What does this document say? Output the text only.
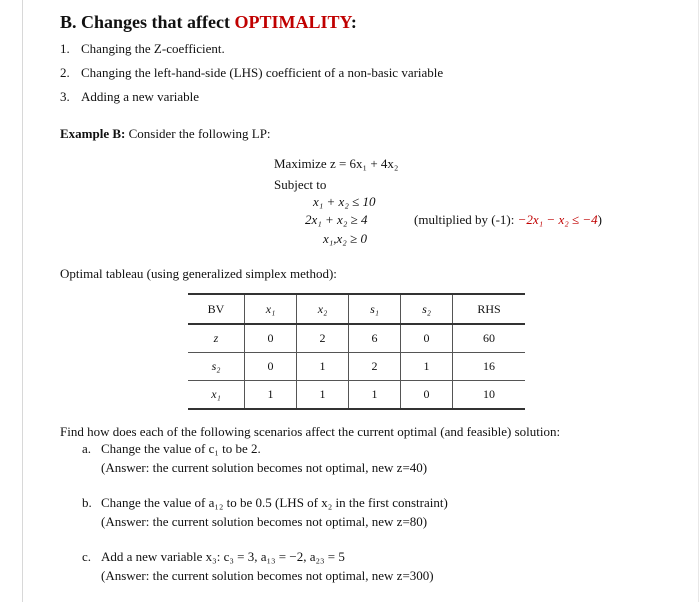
B. Changes that affect OPTIMALITY:
1. Changing the Z-coefficient.
2. Changing the left-hand-side (LHS) coefficient of a non-basic variable
3. Adding a new variable
Example B: Consider the following LP:
Maximize z = 6x₁ + 4x₂
Subject to
x₁ + x₂ ≤ 10
2x₁ + x₂ ≥ 4
x₁,x₂ ≥ 0
(multiplied by (-1): −2x₁ − x₂ ≤ −4)
Optimal tableau (using generalized simplex method):
BV	x₁	x₂	s₁	s₂	RHS
z	0	2	6	0	60
s₂	0	1	2	1	16
x₁	1	1	1	0	10
Find how does each of the following scenarios affect the current optimal (and feasible) solution:
a. Change the value of c₁ to be 2.
(Answer: the current solution becomes not optimal, new z=40)
b. Change the value of a₁₂ to be 0.5 (LHS of x₂ in the first constraint)
(Answer: the current solution becomes not optimal, new z=80)
c. Add a new variable x₃: c₃ = 3, a₁₃ = −2, a₂₃ = 5
(Answer: the current solution becomes not optimal, new z=300)
